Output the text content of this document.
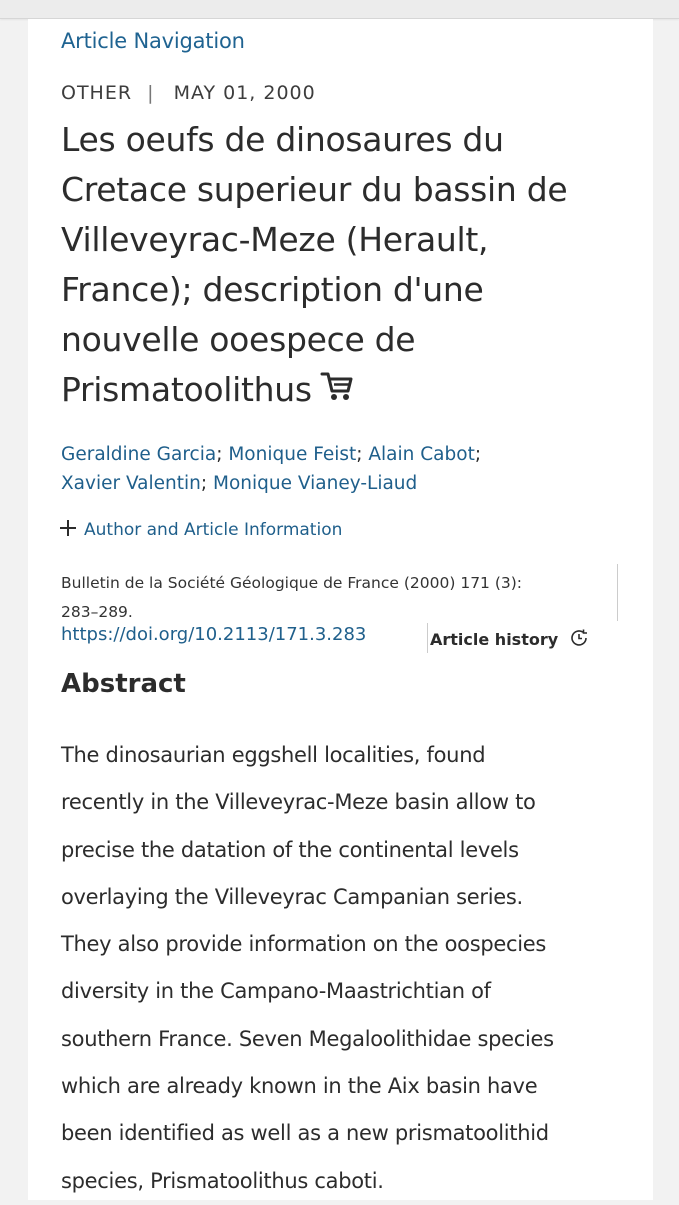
Article Navigation
OTHER | MAY 01, 2000
Les oeufs de dinosaures du
Cretace superieur du bassin de
Villeveyrac-Meze (Herault,
France); description d'une
nouvelle ooespece de
Prismatoolithus
Geraldine Garcia; Monique Feist; Alain Cabot;
Xavier Valentin; Monique Vianey-Liaud
Author and Article Information
Bulletin de la Société Géologique de France (2000) 171 (3):
283–289.
https://doi.org/10.2113/171.3.283	Article history
Abstract
The dinosaurian eggshell localities, found
recently in the Villeveyrac-Meze basin allow to
precise the datation of the continental levels
overlaying the Villeveyrac Campanian series.
They also provide information on the oospecies
diversity in the Campano-Maastrichtian of
southern France. Seven Megaloolithidae species
which are already known in the Aix basin have
been identified as well as a new prismatoolithid
species, Prismatoolithus caboti.
